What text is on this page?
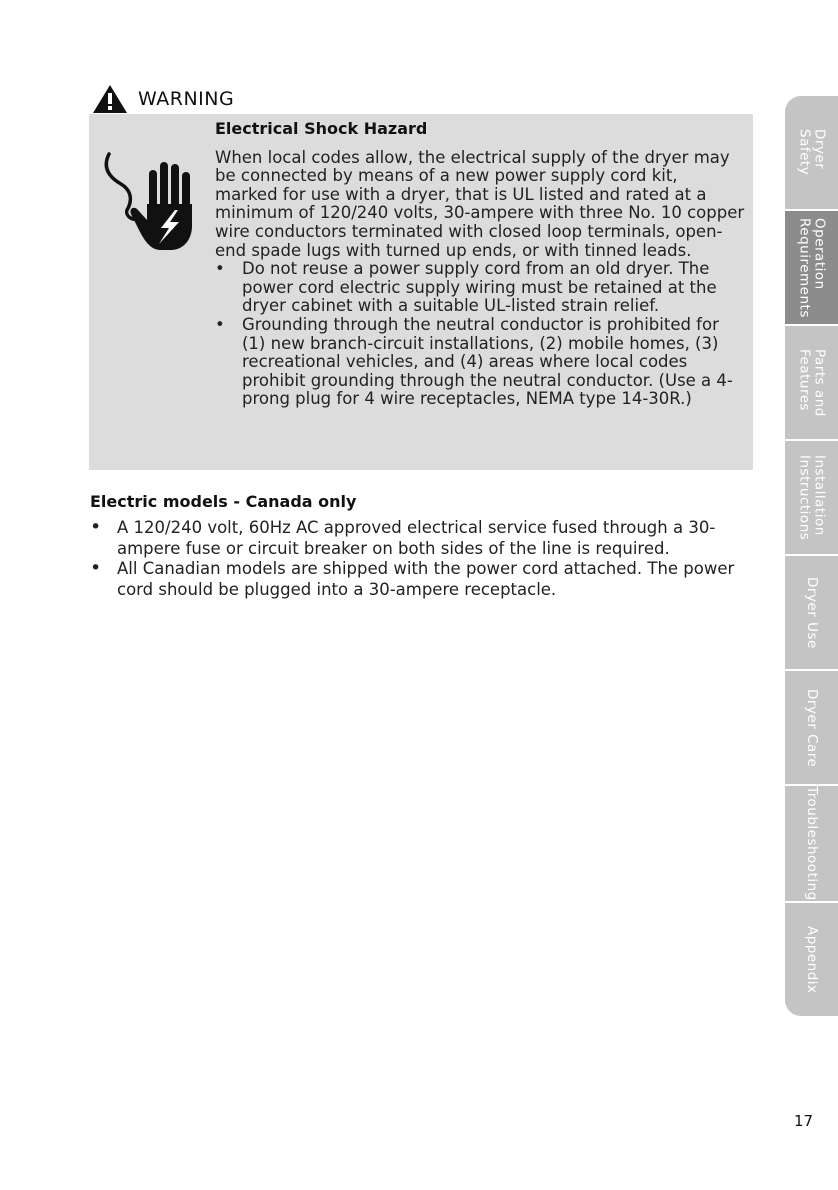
WARNING

Electrical Shock Hazard

When local codes allow, the electrical supply of the dryer may be connected by means of a new power supply cord kit, marked for use with a dryer, that is UL listed and rated at a minimum of 120/240 volts, 30-ampere with three No. 10 copper wire conductors terminated with closed loop terminals, open-end spade lugs with turned up ends, or with tinned leads.

• Do not reuse a power supply cord from an old dryer. The power cord electric supply wiring must be retained at the dryer cabinet with a suitable UL-listed strain relief.
• Grounding through the neutral conductor is prohibited for (1) new branch-circuit installations, (2) mobile homes, (3) recreational vehicles, and (4) areas where local codes prohibit grounding through the neutral conductor. (Use a 4-prong plug for 4 wire receptacles, NEMA type 14-30R.)
Electric models - Canada only
• A 120/240 volt, 60Hz AC approved electrical service fused through a 30-ampere fuse or circuit breaker on both sides of the line is required.
• All Canadian models are shipped with the power cord attached. The power cord should be plugged into a 30-ampere receptacle.
Dryer
Safety
Operation
Requirements
Parts and
Features
Installation
Instructions
Dryer Use
Dryer Care
Troubleshooting
Appendix

17
